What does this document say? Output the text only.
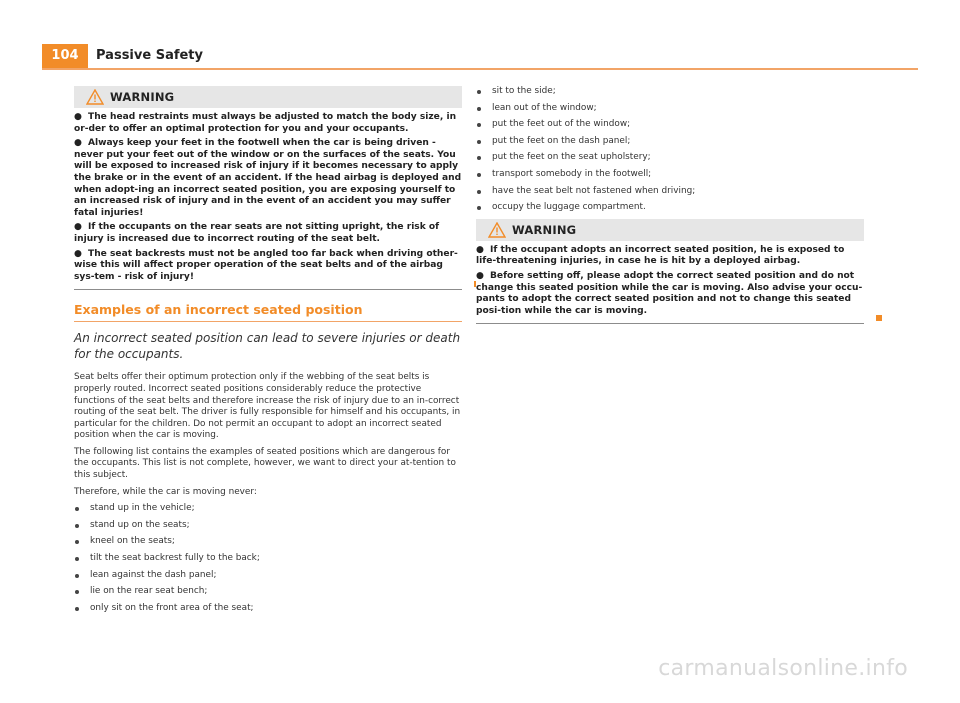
104	Passive Safety
WARNING

● The head restraints must always be adjusted to match the body size, in or-der to offer an optimal protection for you and your occupants.

● Always keep your feet in the footwell when the car is being driven - never put your feet out of the window or on the surfaces of the seats. You will be exposed to increased risk of injury if it becomes necessary to apply the brake or in the event of an accident. If the head airbag is deployed and when adopt-ing an incorrect seated position, you are exposing yourself to an increased risk of injury and in the event of an accident you may suffer fatal injuries!

● If the occupants on the rear seats are not sitting upright, the risk of injury is increased due to incorrect routing of the seat belt.

● The seat backrests must not be angled too far back when driving other-wise this will affect proper operation of the seat belts and of the airbag sys-tem - risk of injury!

Examples of an incorrect seated position

An incorrect seated position can lead to severe injuries or death for the occupants.

Seat belts offer their optimum protection only if the webbing of the seat belts is properly routed. Incorrect seated positions considerably reduce the protective functions of the seat belts and therefore increase the risk of injury due to an in-correct routing of the seat belt. The driver is fully responsible for himself and his occupants, in particular for the children. Do not permit an occupant to adopt an incorrect seated position when the car is moving.

The following list contains the examples of seated positions which are dangerous for the occupants. This list is not complete, however, we want to direct your at-tention to this subject.

Therefore, while the car is moving never:

stand up in the vehicle;
stand up on the seats;
kneel on the seats;
tilt the seat backrest fully to the back;
lean against the dash panel;
lie on the rear seat bench;
only sit on the front area of the seat;
sit to the side;
lean out of the window;
put the feet out of the window;
put the feet on the dash panel;
put the feet on the seat upholstery;
transport somebody in the footwell;
have the seat belt not fastened when driving;
occupy the luggage compartment.
WARNING

● If the occupant adopts an incorrect seated position, he is exposed to life-threatening injuries, in case he is hit by a deployed airbag.

● Before setting off, please adopt the correct seated position and do not change this seated position while the car is moving. Also advise your occu-pants to adopt the correct seated position and not to change this seated posi-tion while the car is moving.

carmanualsonline.info
